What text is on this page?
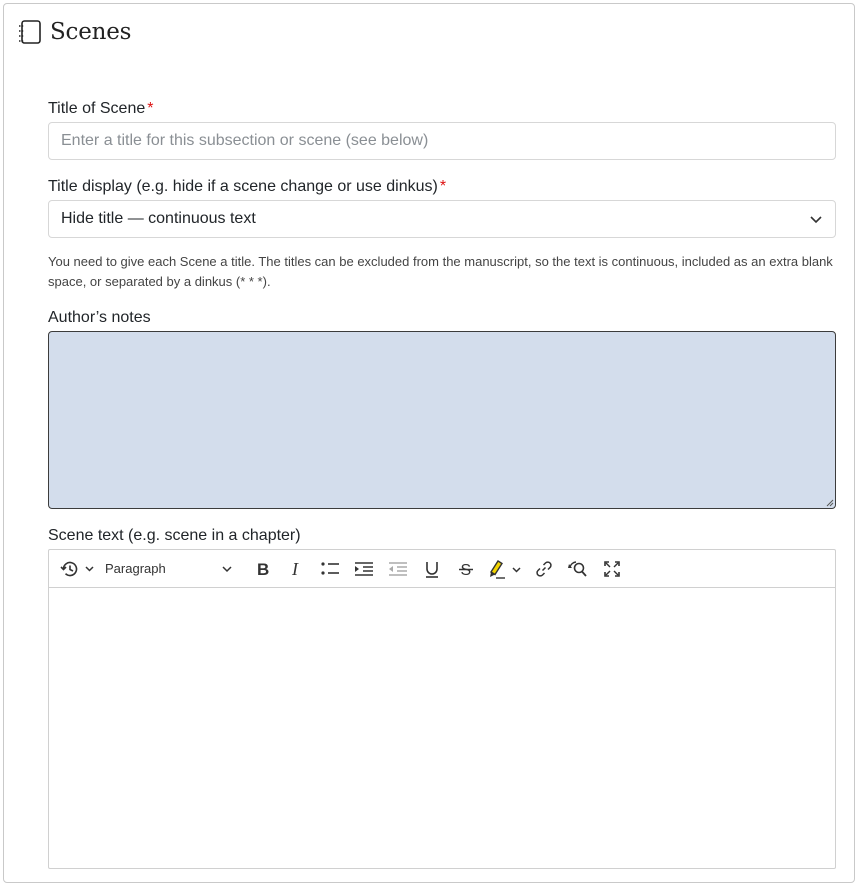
Scenes
Title of Scene *
Enter a title for this subsection or scene (see below)
Title display (e.g. hide if a scene change or use dinkus) *
Hide title — continuous text

You need to give each Scene a title. The titles can be excluded from the manuscript, so the text is continuous, included as an extra blank space, or separated by a dinkus (* * *).

Author’s notes
Scene text (e.g. scene in a chapter)
Paragraph	B I	S
